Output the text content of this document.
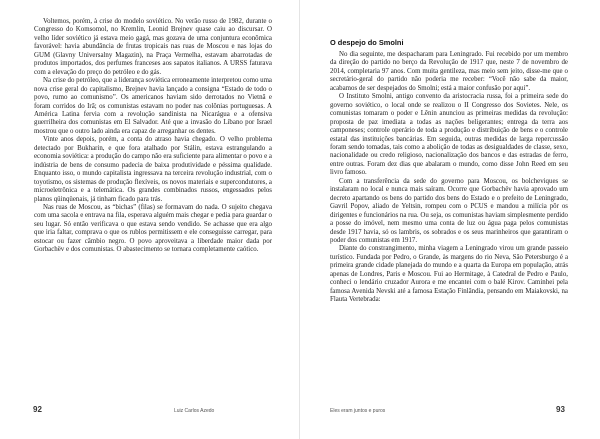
Voltemos, porém, à crise do modelo soviético. No verão russo de 1982, durante o Congresso do Komsomol, no Kremlin, Leonid Brejnev quase caiu ao discursar. O velho líder soviético já estava meio gagá, mas gozava de uma conjuntura econômica favorável: havia abundância de frutas tropicais nas ruas de Moscou e nas lojas do GUM (Glavny Universalny Magazin), na Praça Vermelha, estavam abarrotadas de produtos importados, dos perfumes franceses aos sapatos italianos. A URSS faturava com a elevação do preço do petróleo e do gás.

Na crise do petróleo, que a liderança soviética erroneamente interpretou como uma nova crise geral do capitalismo, Brejnev havia lançado a consigna “Estado de todo o povo, rumo ao comunismo”. Os americanos haviam sido derrotados no Vietnã e foram corridos do Irã; os comunistas estavam no poder nas colônias portuguesas. A América Latina fervia com a revolução sandinista na Nicarágua e a ofensiva guerrilheira dos comunistas em El Salvador. Até que a invasão do Líbano por Israel mostrou que o outro lado ainda era capaz de arreganhar os dentes.

Vinte anos depois, porém, a conta do atraso havia chegado. O velho problema detectado por Bukharin, e que fora atalhado por Stálin, estava estrangulando a economia soviética: a produção do campo não era suficiente para alimentar o povo e a indústria de bens de consumo padecia de baixa produtividade e péssima qualidade. Enquanto isso, o mundo capitalista ingressava na terceira revolução industrial, com o toyotismo, os sistemas de produção flexíveis, os novos materiais e supercondutores, a microeletrônica e a telemática. Os grandes combinados russos, engessados pelos planos qüinqüenais, já tinham ficado para trás.

Nas ruas de Moscou, as “bichas” (filas) se formavam do nada. O sujeito chegava com uma sacola e entrava na fila, esperava alguém mais chegar e pedia para guardar o seu lugar. Só então verificava o que estava sendo vendido. Se achasse que era algo que iria faltar, comprava o que os rublos permitissem e ele conseguisse carregar, para estocar ou fazer câmbio negro. O povo aproveitava a liberdade maior dada por Gorbachëv e dos comunistas. O abastecimento se tornara completamente caótico.

92	Luiz Carlos Azedo
O despejo do Smolni

No dia seguinte, me despacharam para Leningrado. Fui recebido por um membro da direção do partido no berço da Revolução de 1917 que, neste 7 de novembro de 2014, completaria 97 anos. Com muita gentileza, mas meio sem jeito, disse-me que o secretário-geral do partido não poderia me receber: “Você não sabe da maior, acabamos de ser despejados do Smolni; está a maior confusão por aqui”.

O Instituto Smolni, antigo convento da aristocracia russa, foi a primeira sede do governo soviético, o local onde se realizou o II Congresso dos Sovietes. Nele, os comunistas tomaram o poder e Lênin anunciou as primeiras medidas da revolução: proposta de paz imediata a todas as nações beligerantes; entrega da terra aos camponeses; controle operário de toda a produção e distribuição de bens e o controle estatal das instituições bancárias. Em seguida, outras medidas de larga repercussão foram sendo tomadas, tais como a abolição de todas as desigualdades de classe, sexo, nacionalidade ou credo religioso, nacionalização dos bancos e das estradas de ferro, entre outras. Foram dez dias que abalaram o mundo, como disse John Reed em seu livro famoso.

Com a transferência da sede do governo para Moscou, os bolcheviques se instalaram no local e nunca mais saíram. Ocorre que Gorbachëv havia aprovado um decreto apartando os bens do partido dos bens do Estado e o prefeito de Leningrado, Gavril Popov, aliado de Yeltsin, rompeu com o PCUS e mandou a milícia pôr os dirigentes e funcionários na rua. Ou seja, os comunistas haviam simplesmente perdido a posse do imóvel, nem mesmo uma conta de luz ou água paga pelos comunistas desde 1917 havia, só os lambris, os sobrados e os seus marinheiros que garantiram o poder dos comunistas em 1917.

Diante do constrangimento, minha viagem a Leningrado virou um grande passeio turístico. Fundada por Pedro, o Grande, às margens do rio Neva, São Petersburgo é a primeira grande cidade planejada do mundo e a quarta da Europa em população, atrás apenas de Londres, Paris e Moscou. Fui ao Hermitage, à Catedral de Pedro e Paulo, conheci o lendário cruzador Aurora e me encantei com o balé Kirov. Caminhei pela famosa Avenida Nevski até a famosa Estação Finlândia, pensando em Maiakovski, na Flauta Vertebrada:

Eles eram juntos e puros	93
